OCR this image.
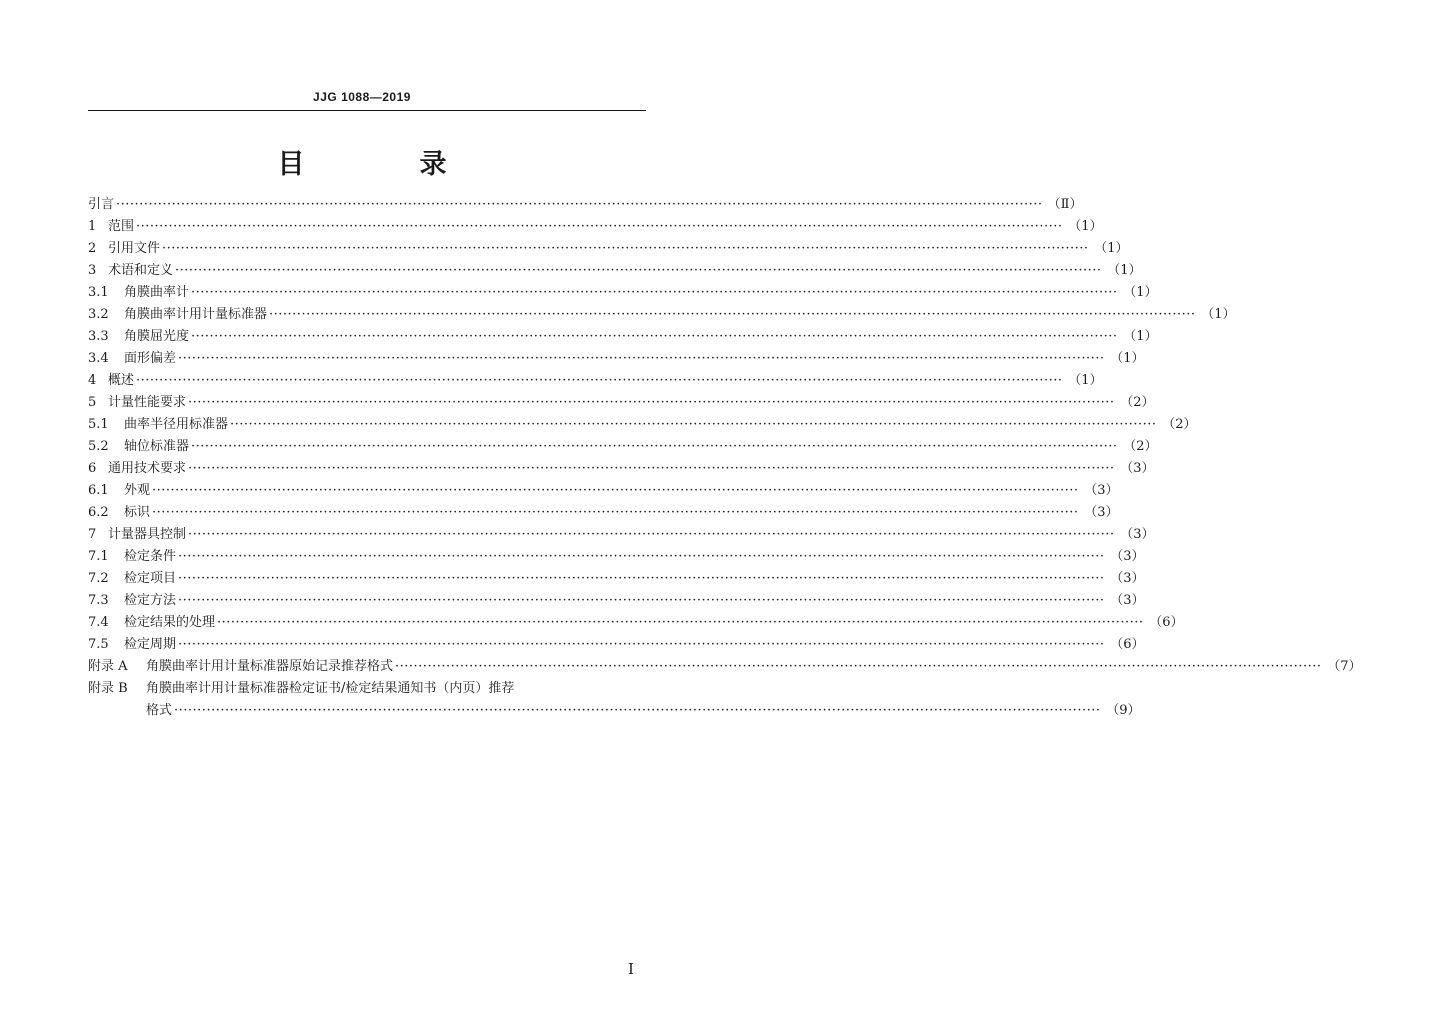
JJG 1088—2019
目　录
引言 ········································································································································································································ （Ⅱ）
1 范围 ········································································································································································································ （1）
2 引用文件 ········································································································································································································ （1）
3 术语和定义 ········································································································································································································ （1）
3.1	角膜曲率计 ········································································································································································································ （1）
3.2	角膜曲率计用计量标准器 ········································································································································································································ （1）
3.3	角膜屈光度 ········································································································································································································ （1）
3.4	面形偏差 ········································································································································································································ （1）
4 概述 ········································································································································································································ （1）
5 计量性能要求 ········································································································································································································ （2）
5.1	曲率半径用标准器 ········································································································································································································ （2）
5.2	轴位标准器 ········································································································································································································ （2）
6 通用技术要求 ········································································································································································································ （3）
6.1	外观 ········································································································································································································ （3）
6.2	标识 ········································································································································································································ （3）
7 计量器具控制 ········································································································································································································ （3）
7.1	检定条件 ········································································································································································································ （3）
7.2	检定项目 ········································································································································································································ （3）
7.3	检定方法 ········································································································································································································ （3）
7.4	检定结果的处理 ········································································································································································································ （6）
7.5	检定周期 ········································································································································································································ （6）
附录 A	角膜曲率计用计量标准器原始记录推荐格式 ········································································································································································································ （7）
附录 B	角膜曲率计用计量标准器检定证书/检定结果通知书（内页）推荐
格式 ········································································································································································································ （9）
I
